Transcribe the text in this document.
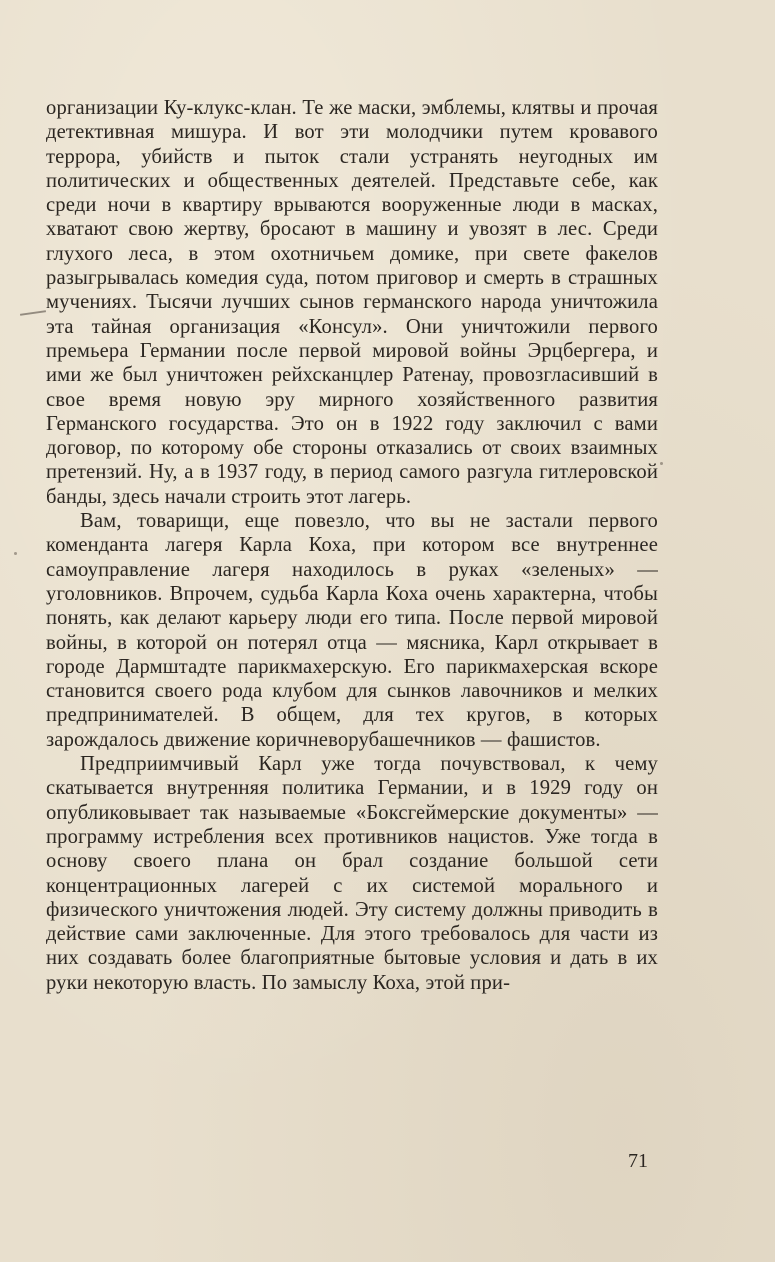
организации Ку-клукс-клан. Те же маски, эмблемы, клятвы и прочая детективная мишура. И вот эти молодчики путем кровавого террора, убийств и пыток стали устранять неугодных им политических и общественных деятелей. Представьте себе, как среди ночи в квартиру врываются вооруженные люди в масках, хватают свою жертву, бросают в машину и увозят в лес. Среди глухого леса, в этом охотничьем домике, при свете факелов разыгрывалась комедия суда, потом приговор и смерть в страшных мучениях. Тысячи лучших сынов германского народа уничтожила эта тайная организация «Консул». Они уничтожили первого премьера Германии после первой мировой войны Эрцбергера, и ими же был уничтожен рейхсканцлер Ратенау, провозгласивший в свое время новую эру мирного хозяйственного развития Германского государства. Это он в 1922 году заключил с вами договор, по которому обе стороны отказались от своих взаимных претензий. Ну, а в 1937 году, в период самого разгула гитлеровской банды, здесь начали строить этот лагерь.

Вам, товарищи, еще повезло, что вы не застали первого коменданта лагеря Карла Коха, при котором все внутреннее самоуправление лагеря находилось в руках «зеленых» — уголовников. Впрочем, судьба Карла Коха очень характерна, чтобы понять, как делают карьеру люди его типа. После первой мировой войны, в которой он потерял отца — мясника, Карл открывает в городе Дармштадте парикмахерскую. Его парикмахерская вскоре становится своего рода клубом для сынков лавочников и мелких предпринимателей. В общем, для тех кругов, в которых зарождалось движение коричневорубашечников — фашистов.

Предприимчивый Карл уже тогда почувствовал, к чему скатывается внутренняя политика Германии, и в 1929 году он опубликовывает так называемые «Боксгеймерские документы» — программу истребления всех противников нацистов. Уже тогда в основу своего плана он брал создание большой сети концентрационных лагерей с их системой морального и физического уничтожения людей. Эту систему должны приводить в действие сами заключенные. Для этого требовалось для части из них создавать более благоприятные бытовые условия и дать в их руки некоторую власть. По замыслу Коха, этой при-

71
